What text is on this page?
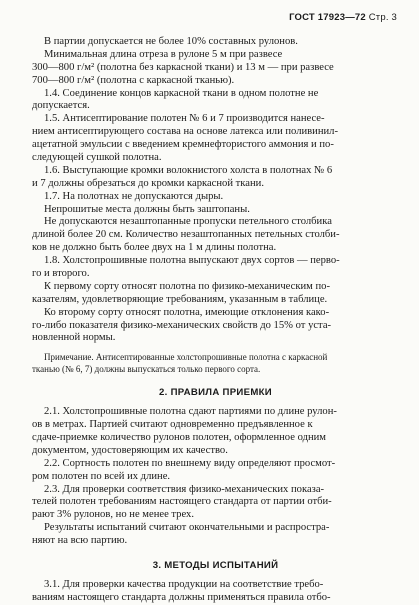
ГОСТ 17923—72 Стр. 3
В партии допускается не более 10% составных рулонов.
Минимальная длина отреза в рулоне 5 м при развесе
300—800 г/м² (полотна без каркасной ткани) и 13 м — при развесе
700—800 г/м² (полотна с каркасной тканью).
1.4. Соединение концов каркасной ткани в одном полотне не
допускается.
1.5. Антисептирование полотен № 6 и 7 производится нанесе-
нием антисептирующего состава на основе латекса или поливинил-
ацетатной эмульсии с введением кремнефтористого аммония и по-
следующей сушкой полотна.
1.6. Выступающие кромки волокнистого холста в полотнах № 6
и 7 должны обрезаться до кромки каркасной ткани.
1.7. На полотнах не допускаются дыры.
Непрошитые места должны быть заштопаны.
Не допускаются незаштопанные пропуски петельного столбика
длиной более 20 см. Количество незаштопанных петельных столби-
ков не должно быть более двух на 1 м длины полотна.
1.8. Холстопрошивные полотна выпускают двух сортов — перво-
го и второго.
К первому сорту относят полотна по физико-механическим по-
казателям, удовлетворяющие требованиям, указанным в таблице.
Ко второму сорту относят полотна, имеющие отклонения како-
го-либо показателя физико-механических свойств до 15% от уста-
новленной нормы.
Примечание. Антисептированные холстопрошивные полотна с каркасной
тканью (№ 6, 7) должны выпускаться только первого сорта.
2. ПРАВИЛА ПРИЕМКИ
2.1. Холстопрошивные полотна сдают партиями по длине рулон-
ов в метрах. Партией считают одновременно предъявленное к
сдаче-приемке количество рулонов полотен, оформленное одним
документом, удостоверяющим их качество.
2.2. Сортность полотен по внешнему виду определяют просмот-
ром полотен по всей их длине.
2.3. Для проверки соответствия физико-механических показа-
телей полотен требованиям настоящего стандарта от партии отби-
рают 3% рулонов, но не менее трех.
Результаты испытаний считают окончательными и распростра-
няют на всю партию.
3. МЕТОДЫ ИСПЫТАНИЙ
3.1. Для проверки качества продукции на соответствие требо-
ваниям настоящего стандарта должны применяться правила отбо-
